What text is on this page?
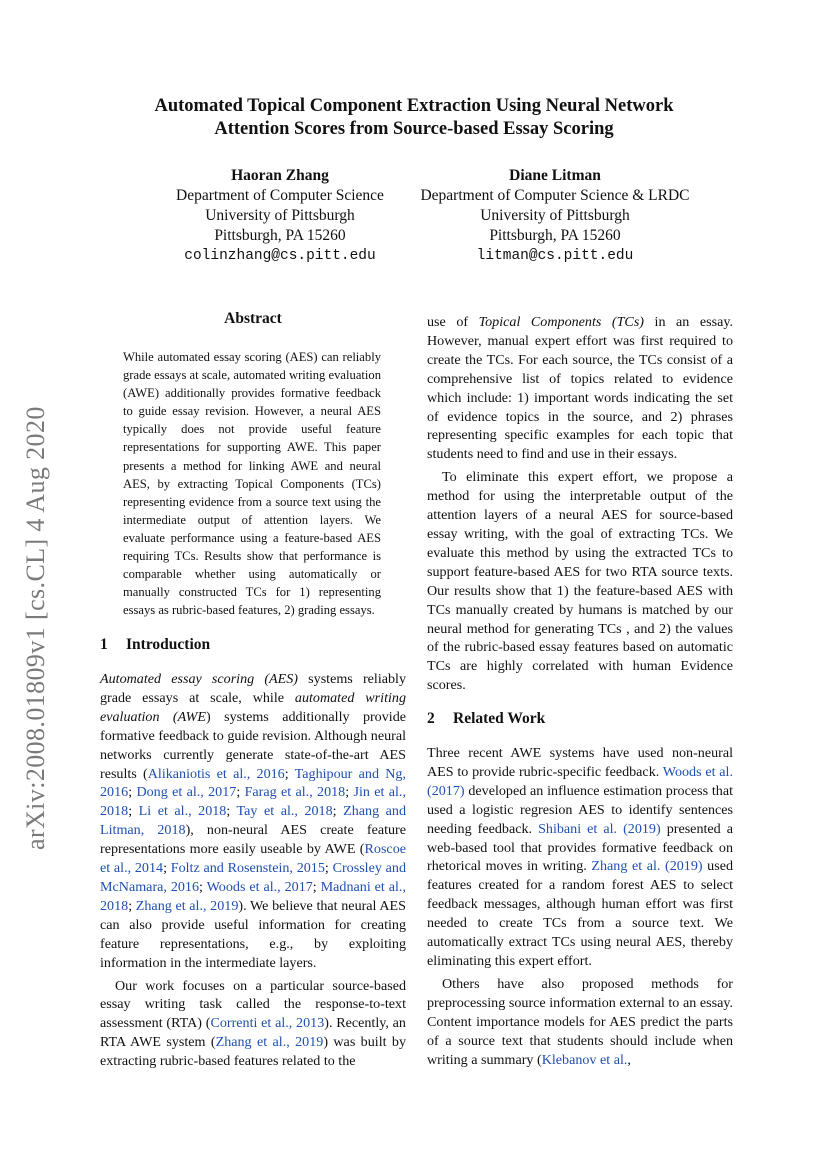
Automated Topical Component Extraction Using Neural Network
Attention Scores from Source-based Essay Scoring
Haoran Zhang
Department of Computer Science
University of Pittsburgh
Pittsburgh, PA 15260
colinzhang@cs.pitt.edu
Diane Litman
Department of Computer Science & LRDC
University of Pittsburgh
Pittsburgh, PA 15260
litman@cs.pitt.edu
arXiv:2008.01809v1 [cs.CL] 4 Aug 2020
Abstract
While automated essay scoring (AES) can reliably grade essays at scale, automated writing evaluation (AWE) additionally provides formative feedback to guide essay revision. However, a neural AES typically does not provide useful feature representations for supporting AWE. This paper presents a method for linking AWE and neural AES, by extracting Topical Components (TCs) representing evidence from a source text using the intermediate output of attention layers. We evaluate performance using a feature-based AES requiring TCs. Results show that performance is comparable whether using automatically or manually constructed TCs for 1) representing essays as rubric-based features, 2) grading essays.
1 Introduction

Automated essay scoring (AES) systems reliably grade essays at scale, while automated writing evaluation (AWE) systems additionally provide formative feedback to guide revision. Although neural networks currently generate state-of-the-art AES results (Alikaniotis et al., 2016; Taghipour and Ng, 2016; Dong et al., 2017; Farag et al., 2018; Jin et al., 2018; Li et al., 2018; Tay et al., 2018; Zhang and Litman, 2018), non-neural AES create feature representations more easily useable by AWE (Roscoe et al., 2014; Foltz and Rosenstein, 2015; Crossley and McNamara, 2016; Woods et al., 2017; Madnani et al., 2018; Zhang et al., 2019). We believe that neural AES can also provide useful information for creating feature representations, e.g., by exploiting information in the intermediate layers.

Our work focuses on a particular source-based essay writing task called the response-to-text assessment (RTA) (Correnti et al., 2013). Recently, an RTA AWE system (Zhang et al., 2019) was built by extracting rubric-based features related to the

use of Topical Components (TCs) in an essay. However, manual expert effort was first required to create the TCs. For each source, the TCs consist of a comprehensive list of topics related to evidence which include: 1) important words indicating the set of evidence topics in the source, and 2) phrases representing specific examples for each topic that students need to find and use in their essays.

To eliminate this expert effort, we propose a method for using the interpretable output of the attention layers of a neural AES for source-based essay writing, with the goal of extracting TCs. We evaluate this method by using the extracted TCs to support feature-based AES for two RTA source texts. Our results show that 1) the feature-based AES with TCs manually created by humans is matched by our neural method for generating TCs , and 2) the values of the rubric-based essay features based on automatic TCs are highly correlated with human Evidence scores.

2 Related Work

Three recent AWE systems have used non-neural AES to provide rubric-specific feedback. Woods et al. (2017) developed an influence estimation process that used a logistic regresion AES to identify sentences needing feedback. Shibani et al. (2019) presented a web-based tool that provides formative feedback on rhetorical moves in writing. Zhang et al. (2019) used features created for a random forest AES to select feedback messages, although human effort was first needed to create TCs from a source text. We automatically extract TCs using neural AES, thereby eliminating this expert effort.

Others have also proposed methods for preprocessing source information external to an essay. Content importance models for AES predict the parts of a source text that students should include when writing a summary (Klebanov et al.,
